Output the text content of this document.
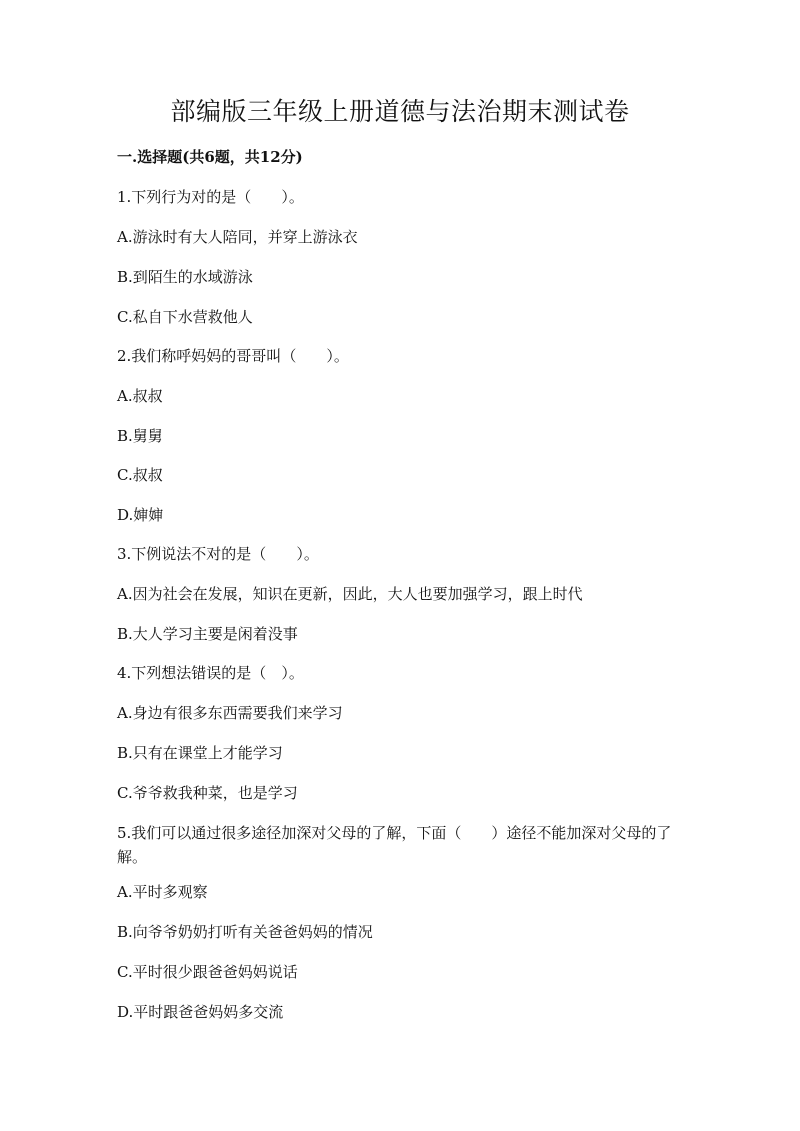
部编版三年级上册道德与法治期末测试卷
一.选择题(共6题，共12分)
1.下列行为对的是（　　）。
A.游泳时有大人陪同，并穿上游泳衣
B.到陌生的水域游泳
C.私自下水营救他人
2.我们称呼妈妈的哥哥叫（　　）。
A.叔叔
B.舅舅
C.叔叔
D.婶婶
3.下例说法不对的是（　　）。
A.因为社会在发展，知识在更新，因此，大人也要加强学习，跟上时代
B.大人学习主要是闲着没事
4.下列想法错误的是（　）。
A.身边有很多东西需要我们来学习
B.只有在课堂上才能学习
C.爷爷救我种菜，也是学习
5.我们可以通过很多途径加深对父母的了解，下面（　　）途径不能加深对父母的了解。
A.平时多观察
B.向爷爷奶奶打听有关爸爸妈妈的情况
C.平时很少跟爸爸妈妈说话
D.平时跟爸爸妈妈多交流
